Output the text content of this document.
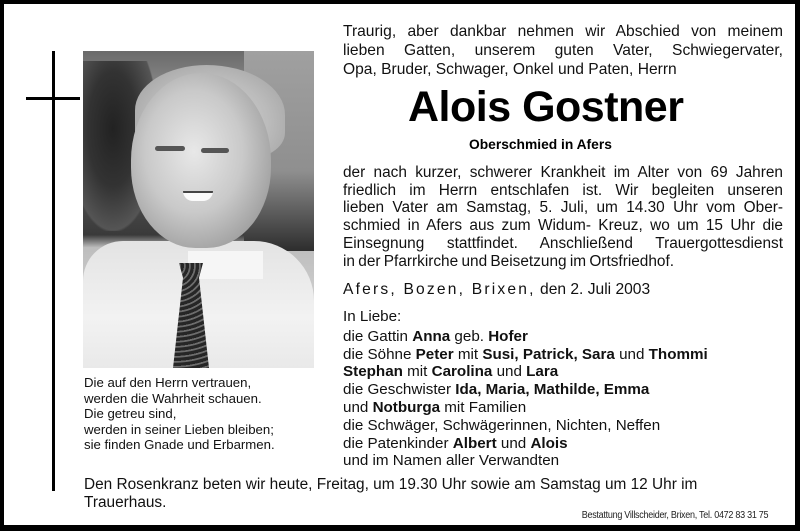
Die auf den Herrn vertrauen,
werden die Wahrheit schauen.
Die getreu sind,
werden in seiner Lieben bleiben;
sie finden Gnade und Erbarmen.
Traurig, aber dankbar nehmen wir Abschied von meinem
lieben Gatten, unserem guten Vater, Schwiegervater,
Opa, Bruder, Schwager, Onkel und Paten, Herrn
Alois Gostner
Oberschmied in Afers
der nach kurzer, schwerer Krankheit im Alter von 69 Jahren
friedlich im Herrn entschlafen ist. Wir begleiten unseren
lieben Vater am Samstag, 5. Juli, um 14.30 Uhr vom Ober-
schmied in Afers aus zum Widum- Kreuz, wo um 15 Uhr die
Einsegnung stattfindet. Anschließend Trauergottesdienst
in der Pfarrkirche und Beisetzung im Ortsfriedhof.
Afers, Bozen, Brixen, den 2. Juli 2003
In Liebe:
die Gattin Anna geb. Hofer
die Söhne Peter mit Susi, Patrick, Sara und Thommi
Stephan mit Carolina und Lara
die Geschwister Ida, Maria, Mathilde, Emma
und Notburga mit Familien
die Schwäger, Schwägerinnen, Nichten, Neffen
die Patenkinder Albert und Alois
und im Namen aller Verwandten
Den Rosenkranz beten wir heute, Freitag, um 19.30 Uhr sowie am Samstag um 12 Uhr im Trauerhaus.
Bestattung Villscheider, Brixen, Tel. 0472 83 31 75
